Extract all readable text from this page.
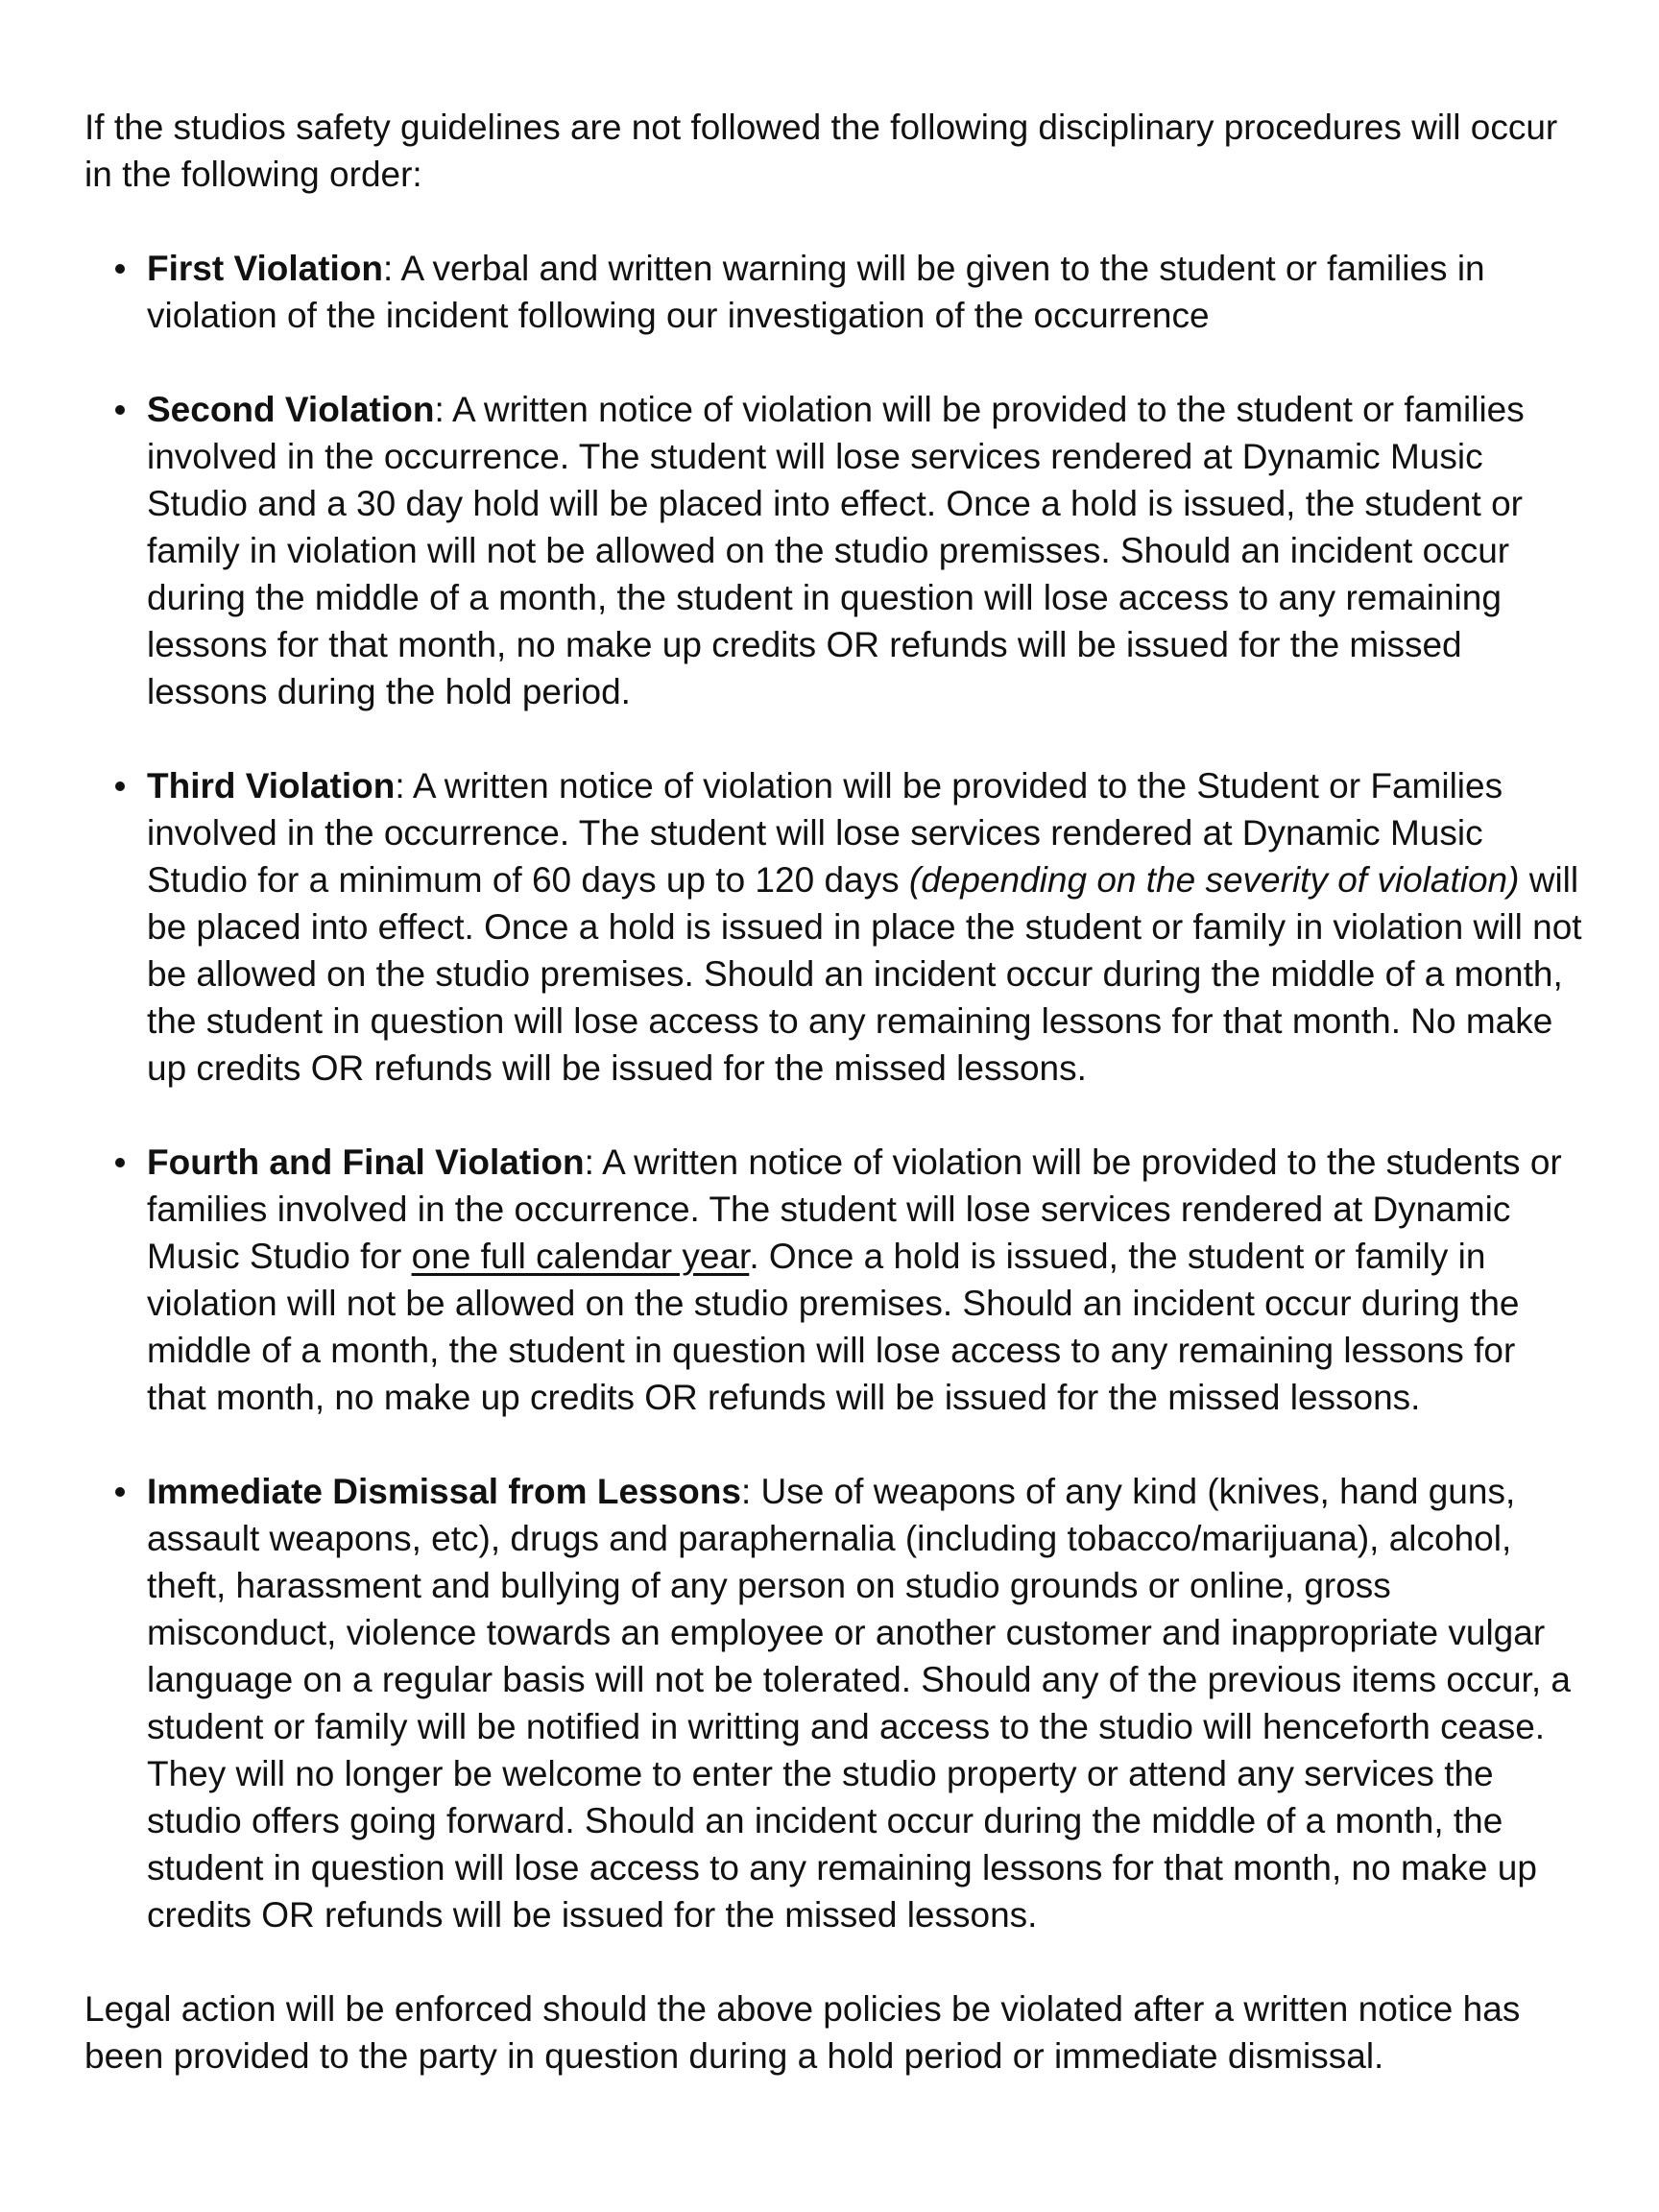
If the studios safety guidelines are not followed the following disciplinary procedures will occur in the following order:

First Violation: A verbal and written warning will be given to the student or families in violation of the incident following our investigation of the occurrence
Second Violation: A written notice of violation will be provided to the student or families involved in the occurrence. The student will lose services rendered at Dynamic Music Studio and a 30 day hold will be placed into effect. Once a hold is issued, the student or family in violation will not be allowed on the studio premisses. Should an incident occur during the middle of a month, the student in question will lose access to any remaining lessons for that month, no make up credits OR refunds will be issued for the missed lessons during the hold period.
Third Violation: A written notice of violation will be provided to the Student or Families involved in the occurrence. The student will lose services rendered at Dynamic Music Studio for a minimum of 60 days up to 120 days (depending on the severity of violation) will be placed into effect. Once a hold is issued in place the student or family in violation will not be allowed on the studio premises. Should an incident occur during the middle of a month, the student in question will lose access to any remaining lessons for that month. No make up credits OR refunds will be issued for the missed lessons.
Fourth and Final Violation: A written notice of violation will be provided to the students or families involved in the occurrence. The student will lose services rendered at Dynamic Music Studio for one full calendar year. Once a hold is issued, the student or family in violation will not be allowed on the studio premises. Should an incident occur during the middle of a month, the student in question will lose access to any remaining lessons for that month, no make up credits OR refunds will be issued for the missed lessons.
Immediate Dismissal from Lessons: Use of weapons of any kind (knives, hand guns, assault weapons, etc), drugs and paraphernalia (including tobacco/marijuana), alcohol, theft, harassment and bullying of any person on studio grounds or online, gross misconduct, violence towards an employee or another customer and inappropriate vulgar language on a regular basis will not be tolerated. Should any of the previous items occur, a student or family will be notified in writting and access to the studio will henceforth cease. They will no longer be welcome to enter the studio property or attend any services the studio offers going forward. Should an incident occur during the middle of a month, the student in question will lose access to any remaining lessons for that month, no make up credits OR refunds will be issued for the missed lessons.

Legal action will be enforced should the above policies be violated after a written notice has been provided to the party in question during a hold period or immediate dismissal.
